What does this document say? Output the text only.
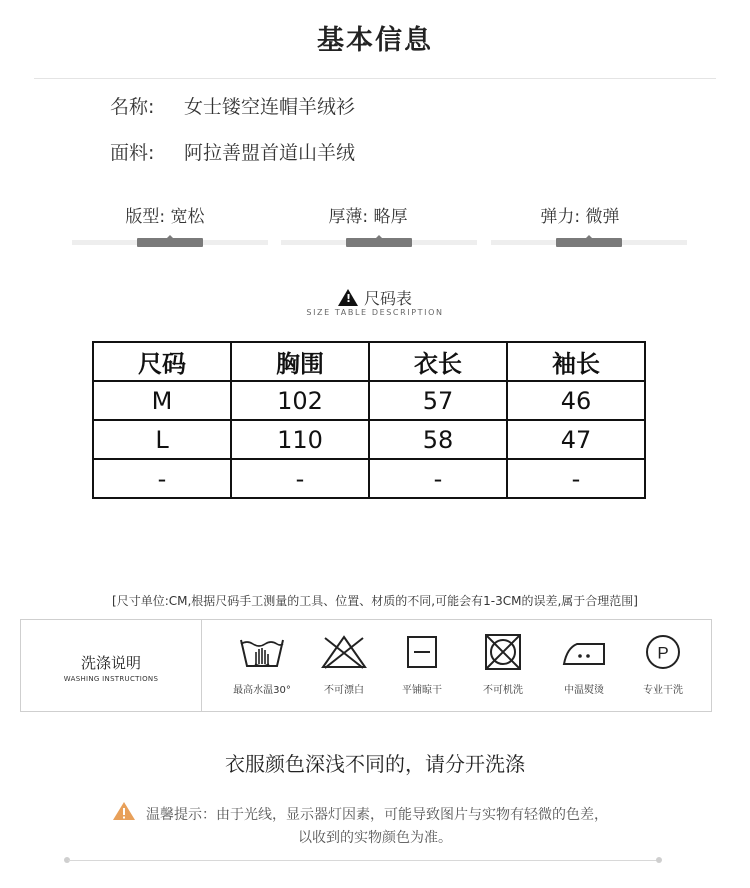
基本信息
名称: 女士镂空连帽羊绒衫
面料: 阿拉善盟首道山羊绒
版型: 宽松	厚薄: 略厚	弹力: 微弹
!尺码表
SIZE TABLE DESCRIPTION
尺码	胸围	衣长	袖长
M	102	57	46
L	110	58	47
-	-	-	-
[尺寸单位:CM,根据尺码手工测量的工具、位置、材质的不同,可能会有1-3CM的误差,属于合理范围]
洗涤说明
WASHING INSTRUCTIONS
最高水温30°	不可漂白	平铺晾干	不可机洗	中温熨烫
P
专业干洗
衣服颜色深浅不同的，请分开洗涤
温馨提示：由于光线，显示器灯因素，可能导致图片与实物有轻微的色差，
以收到的实物颜色为准。
